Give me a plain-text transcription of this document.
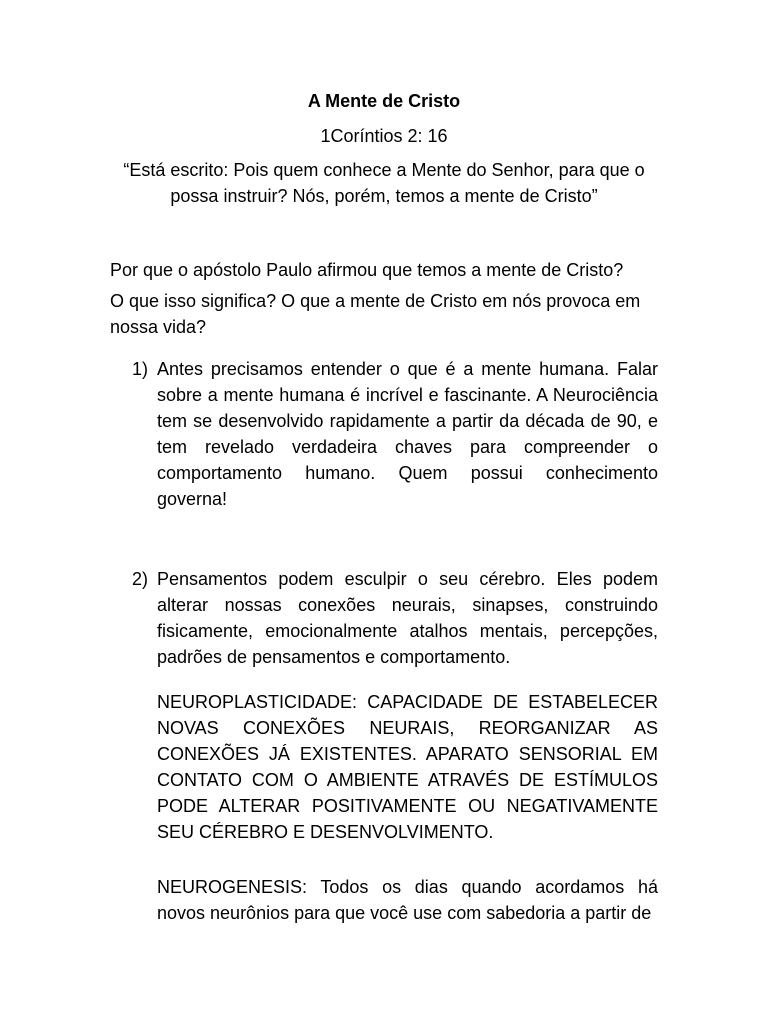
A Mente de Cristo
1Coríntios 2: 16
“Está escrito: Pois quem conhece a Mente do Senhor, para que o possa instruir? Nós, porém, temos a mente de Cristo”
Por que o apóstolo Paulo afirmou que temos a mente de Cristo?
O que isso significa? O que a mente de Cristo em nós provoca em nossa vida?
1) Antes precisamos entender o que é a mente humana. Falar sobre a mente humana é incrível e fascinante. A Neurociência tem se desenvolvido rapidamente a partir da década de 90, e tem revelado verdadeira chaves para compreender o comportamento humano. Quem possui conhecimento governa!
2) Pensamentos podem esculpir o seu cérebro. Eles podem alterar nossas conexões neurais, sinapses, construindo fisicamente, emocionalmente atalhos mentais, percepções, padrões de pensamentos e comportamento.
NEUROPLASTICIDADE: CAPACIDADE DE ESTABELECER NOVAS CONEXÕES NEURAIS, REORGANIZAR AS CONEXÕES JÁ EXISTENTES. APARATO SENSORIAL EM CONTATO COM O AMBIENTE ATRAVÉS DE ESTÍMULOS PODE ALTERAR POSITIVAMENTE OU NEGATIVAMENTE SEU CÉREBRO E DESENVOLVIMENTO.
NEUROGENESIS: Todos os dias quando acordamos há novos neurônios para que você use com sabedoria a partir de
